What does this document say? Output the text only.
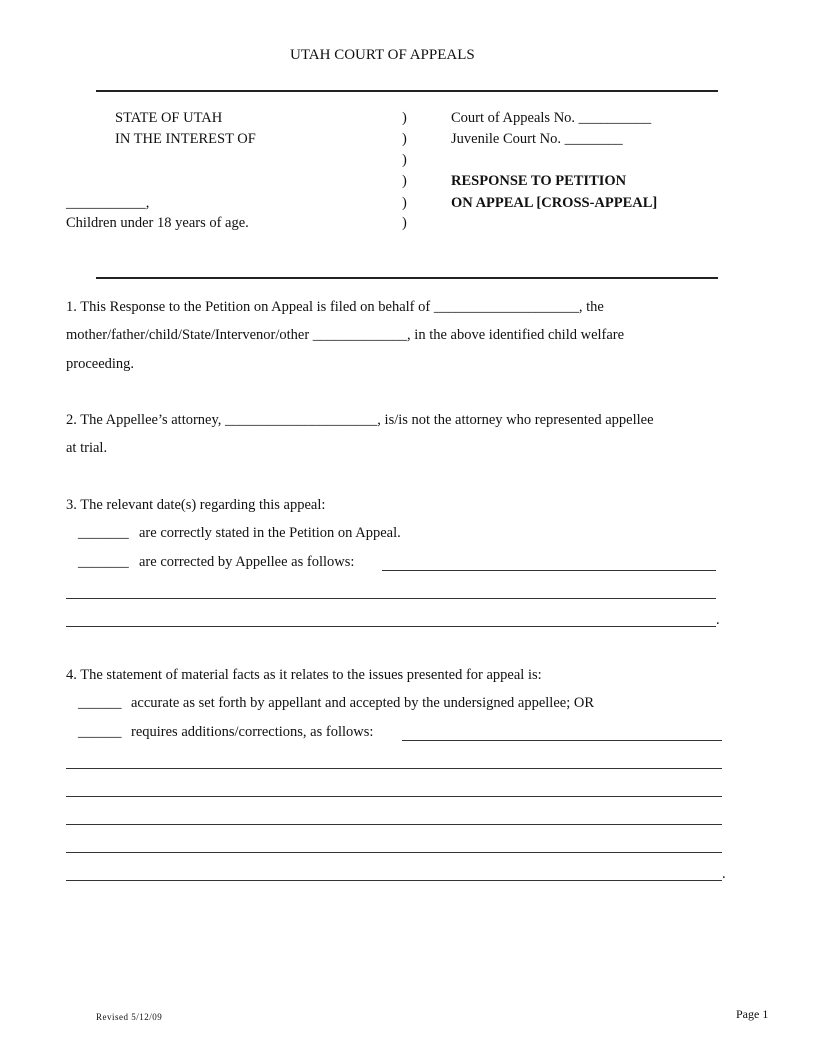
UTAH COURT OF APPEALS
STATE OF UTAH
IN THE INTEREST OF
___________,
Children under 18 years of age.
)
)
)
)
)
)
Court of Appeals No. __________
Juvenile Court No. ________
RESPONSE TO PETITION
ON APPEAL [CROSS-APPEAL]
1. This Response to the Petition on Appeal is filed on behalf of ____________________, the
mother/father/child/State/Intervenor/other _____________, in the above identified child welfare
proceeding.
2. The Appellee’s attorney, _____________________, is/is not the attorney who represented appellee
at trial.
3. The relevant date(s) regarding this appeal:
_______ are correctly stated in the Petition on Appeal.
_______ are corrected by Appellee as follows:
.
4. The statement of material facts as it relates to the issues presented for appeal is:
______ accurate as set forth by appellant and accepted by the undersigned appellee; OR
______ requires additions/corrections, as follows:
.
Revised 5/12/09	Page 1
